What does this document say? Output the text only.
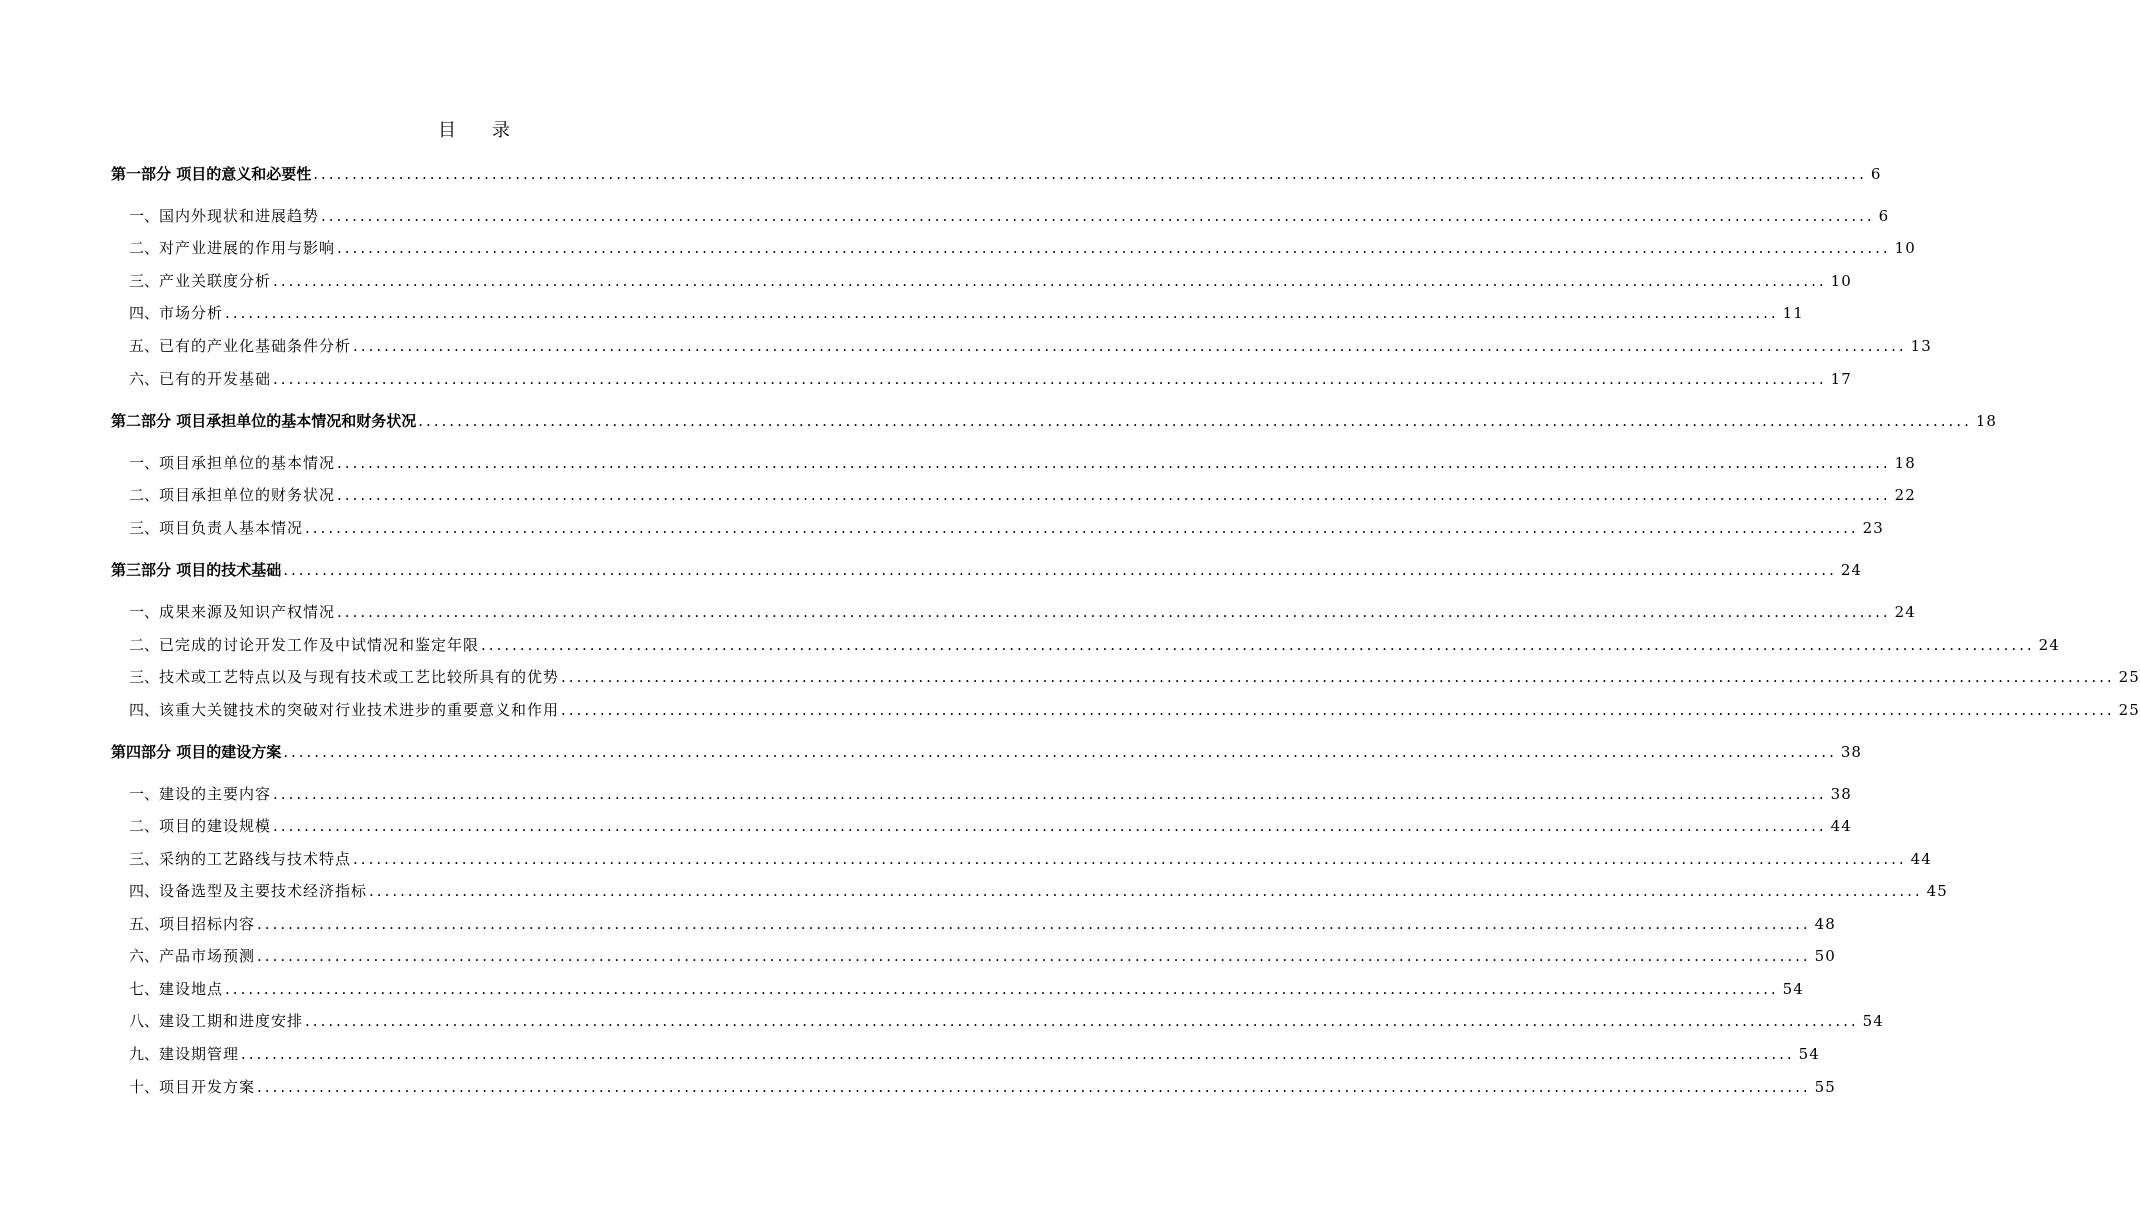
目 录
第一部分 项目的意义和必要性 ........................................................................................................................................................................................................ 6
一、 国内外现状和进展趋势 ........................................................................................................................................................................................................ 6
二、 对产业进展的作用与影响 ........................................................................................................................................................................................................ 10
三、 产业关联度分析 ........................................................................................................................................................................................................ 10
四、 市场分析 ........................................................................................................................................................................................................ 11
五、 已有的产业化基础条件分析 ........................................................................................................................................................................................................ 13
六、 已有的开发基础 ........................................................................................................................................................................................................ 17
第二部分 项目承担单位的基本情况和财务状况 ........................................................................................................................................................................................................ 18
一、 项目承担单位的基本情况 ........................................................................................................................................................................................................ 18
二、 项目承担单位的财务状况 ........................................................................................................................................................................................................ 22
三、 项目负责人基本情况 ........................................................................................................................................................................................................ 23
第三部分 项目的技术基础 ........................................................................................................................................................................................................ 24
一、 成果来源及知识产权情况 ........................................................................................................................................................................................................ 24
二、 已完成的讨论开发工作及中试情况和鉴定年限 ........................................................................................................................................................................................................ 24
三、 技术或工艺特点以及与现有技术或工艺比较所具有的优势 ........................................................................................................................................................................................................ 25
四、 该重大关键技术的突破对行业技术进步的重要意义和作用 ........................................................................................................................................................................................................ 25
第四部分 项目的建设方案 ........................................................................................................................................................................................................ 38
一、 建设的主要内容 ........................................................................................................................................................................................................ 38
二、 项目的建设规模 ........................................................................................................................................................................................................ 44
三、 采纳的工艺路线与技术特点 ........................................................................................................................................................................................................ 44
四、 设备选型及主要技术经济指标 ........................................................................................................................................................................................................ 45
五、 项目招标内容 ........................................................................................................................................................................................................ 48
六、 产品市场预测 ........................................................................................................................................................................................................ 50
七、 建设地点 ........................................................................................................................................................................................................ 54
八、 建设工期和进度安排 ........................................................................................................................................................................................................ 54
九、 建设期管理 ........................................................................................................................................................................................................ 54
十、 项目开发方案 ........................................................................................................................................................................................................ 55
